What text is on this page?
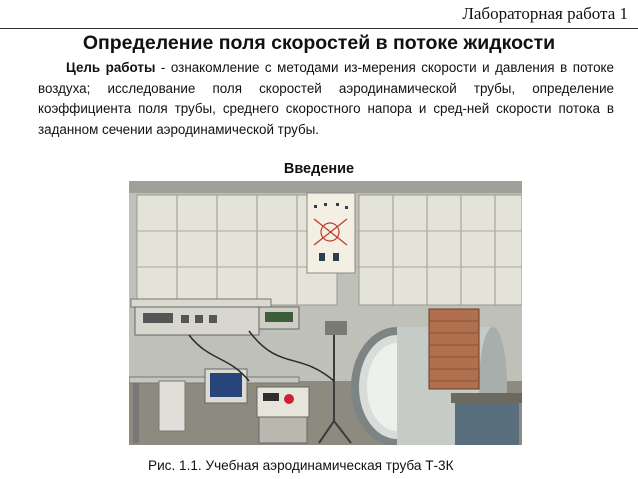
Лабораторная работа 1
Определение поля скоростей в потоке жидкости
Цель работы - ознакомление с методами из-мерения скорости и давления в потоке воздуха; исследование поля скоростей аэродинамической трубы, определение коэффициента поля трубы, среднего скоростного напора и сред-ней скорости потока в заданном сечении аэродинамической трубы.
Введение
Рис. 1.1. Учебная аэродинамическая труба Т-3К
